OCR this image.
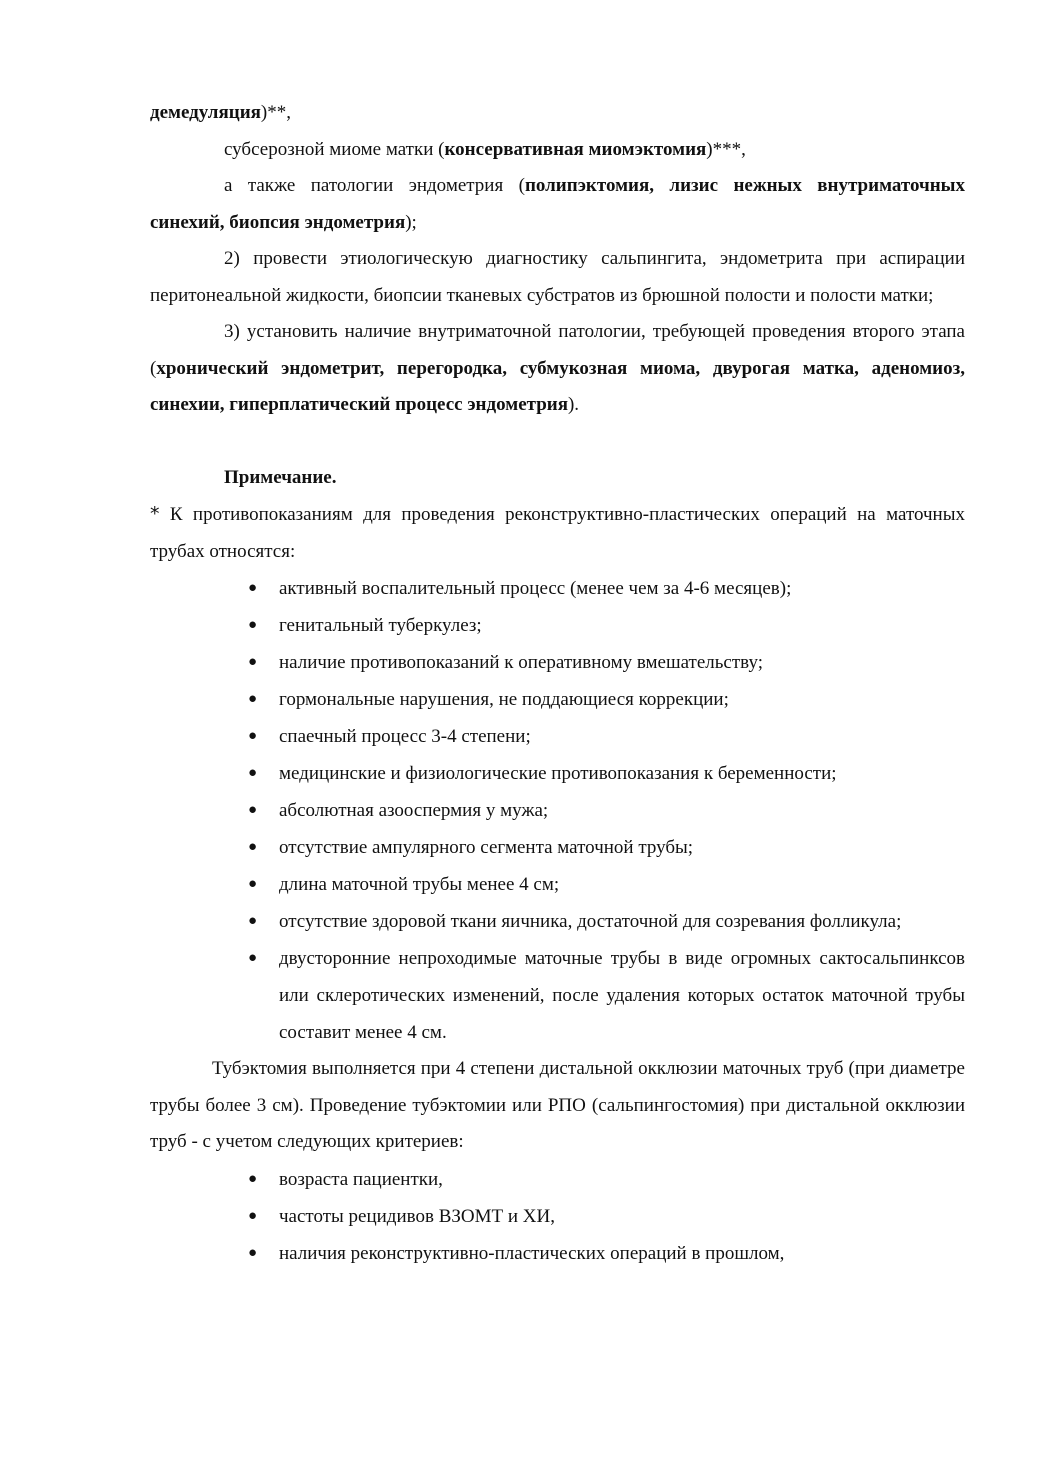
демедуляция)**,

субсерозной миоме матки (консервативная миомэктомия)***,

а также патологии эндометрия (полипэктомия, лизис нежных внутриматочных синехий, биопсия эндометрия);

2) провести этиологическую диагностику сальпингита, эндометрита при аспирации перитонеальной жидкости, биопсии тканевых субстратов из брюшной полости и полости матки;

3) установить наличие внутриматочной патологии, требующей проведения второго этапа (хронический эндометрит, перегородка, субмукозная миома, двурогая матка, аденомиоз, синехии, гиперплатический процесс эндометрия).

Примечание.

* К противопоказаниям для проведения реконструктивно-пластических операций на маточных трубах относятся:

● активный воспалительный процесс (менее чем за 4-6 месяцев);
● генитальный туберкулез;
● наличие противопоказаний к оперативному вмешательству;
● гормональные нарушения, не поддающиеся коррекции;
● спаечный процесс 3-4 степени;
● медицинские и физиологические противопоказания к беременности;
● абсолютная азооспермия у мужа;
● отсутствие ампулярного сегмента маточной трубы;
● длина маточной трубы менее 4 см;
● отсутствие здоровой ткани яичника, достаточной для созревания фолликула;
● двусторонние непроходимые маточные трубы в виде огромных сактосальпинксов или склеротических изменений, после удаления которых остаток маточной трубы составит менее 4 см.

Тубэктомия выполняется при 4 степени дистальной окклюзии маточных труб (при диаметре трубы более 3 см). Проведение тубэктомии или РПО (сальпингостомия) при дистальной окклюзии труб - с учетом следующих критериев:

● возраста пациентки,
● частоты рецидивов ВЗОМТ и ХИ,
● наличия реконструктивно-пластических операций в прошлом,
